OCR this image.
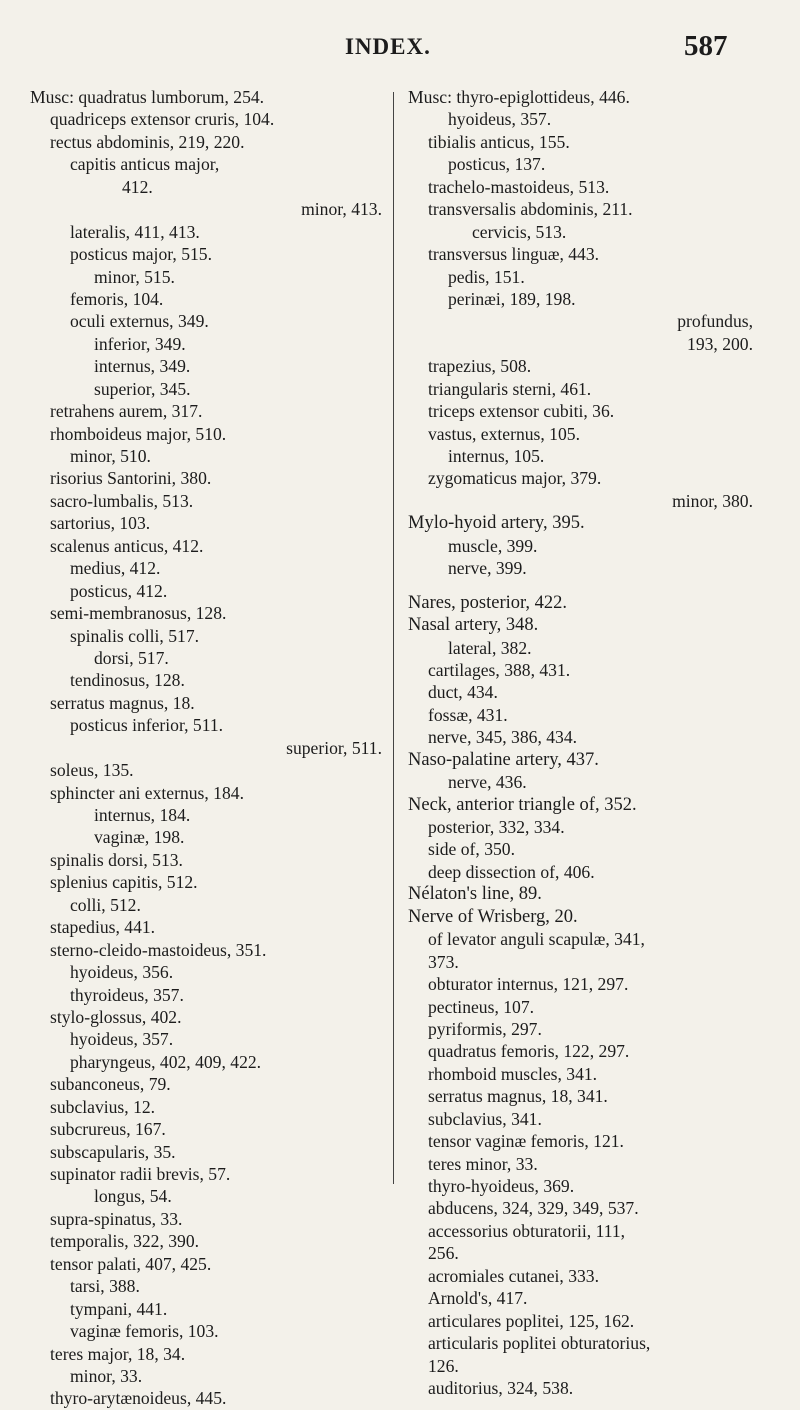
INDEX.	587
Musc: quadratus lumborum, 254.
quadriceps extensor cruris, 104.
rectus abdominis, 219, 220.
capitis anticus major,
412.
minor, 413.
lateralis, 411, 413.
posticus major, 515.
minor, 515.
femoris, 104.
oculi externus, 349.
inferior, 349.
internus, 349.
superior, 345.
retrahens aurem, 317.
rhomboideus major, 510.
minor, 510.
risorius Santorini, 380.
sacro-lumbalis, 513.
sartorius, 103.
scalenus anticus, 412.
medius, 412.
posticus, 412.
semi-membranosus, 128.
spinalis colli, 517.
dorsi, 517.
tendinosus, 128.
serratus magnus, 18.
posticus inferior, 511.
superior, 511.
soleus, 135.
sphincter ani externus, 184.
internus, 184.
vaginæ, 198.
spinalis dorsi, 513.
splenius capitis, 512.
colli, 512.
stapedius, 441.
sterno-cleido-mastoideus, 351.
hyoideus, 356.
thyroideus, 357.
stylo-glossus, 402.
hyoideus, 357.
pharyngeus, 402, 409, 422.
subanconeus, 79.
subclavius, 12.
subcrureus, 167.
subscapularis, 35.
supinator radii brevis, 57.
longus, 54.
supra-spinatus, 33.
temporalis, 322, 390.
tensor palati, 407, 425.
tarsi, 388.
tympani, 441.
vaginæ femoris, 103.
teres major, 18, 34.
minor, 33.
thyro-arytænoideus, 445.
Musc: thyro-epiglottideus, 446.
hyoideus, 357.
tibialis anticus, 155.
posticus, 137.
trachelo-mastoideus, 513.
transversalis abdominis, 211.
cervicis, 513.
transversus linguæ, 443.
pedis, 151.
perinæi, 189, 198.
profundus,
193, 200.
trapezius, 508.
triangularis sterni, 461.
triceps extensor cubiti, 36.
vastus, externus, 105.
internus, 105.
zygomaticus major, 379.
minor, 380.
Mylo-hyoid artery, 395.
muscle, 399.
nerve, 399.
Nares, posterior, 422.
Nasal artery, 348.
lateral, 382.
cartilages, 388, 431.
duct, 434.
fossæ, 431.
nerve, 345, 386, 434.
Naso-palatine artery, 437.
nerve, 436.
Neck, anterior triangle of, 352.
posterior, 332, 334.
side of, 350.
deep dissection of, 406.
Nélaton's line, 89.
Nerve of Wrisberg, 20.
of levator anguli scapulæ, 341,
373.
obturator internus, 121, 297.
pectineus, 107.
pyriformis, 297.
quadratus femoris, 122, 297.
rhomboid muscles, 341.
serratus magnus, 18, 341.
subclavius, 341.
tensor vaginæ femoris, 121.
teres minor, 33.
thyro-hyoideus, 369.
abducens, 324, 329, 349, 537.
accessorius obturatorii, 111,
256.
acromiales cutanei, 333.
Arnold's, 417.
articulares poplitei, 125, 162.
articularis poplitei obturatorius,
126.
auditorius, 324, 538.
